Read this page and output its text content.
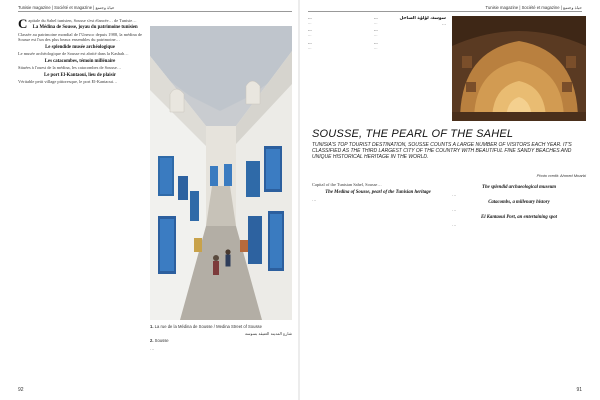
Tunisie magazine | Société et magazine | حياة وجتمع

Capitale du Sahel tunisien, Sousse s'est élancée… de Tunisie…

La Médina de Sousse, joyau du patrimoine tunisien

Classée au patrimoine mondial de l'Unesco depuis 1988, la médina de Sousse est l'un des plus beaux ensembles du patrimoine…

Le splendide musée archéologique

Le musée archéologique de Sousse est abrité dans la Kasbah…

Les catacombes, témoin millénaire

Situées à l'ouest de la médina, les catacombes de Sousse…

Le port El-Kantaoui, lieu de plaisir

Véritable petit village pittoresque, le port El-Kantaoui…

1. La rue de la Médina de Sousse / Medina Street of Sousse
شارع المدينة العتيقة بسوسة
2. Sousse

…

92
Tunisie magazine | Société et magazine | حياة وجتمع
…
…
…
…
…
…
…
…
…
…
…
…
سوسة، لؤلؤة الساحل
…
SOUSSE, THE PEARL OF THE SAHEL
TUNISIA'S TOP TOURIST DESTINATION, SOUSSE COUNTS A LARGE NUMBER OF VISITORS EACH YEAR. IT'S CLASSIFIED AS THE THIRD LARGEST CITY OF THE COUNTRY WITH BEAUTIFUL FINE SANDY BEACHES AND UNIQUE HISTORICAL HERITAGE IN THE WORLD.
Photo credit: Ahmed Mnarbi

Capital of the Tunisian Sahel, Sousse…

The Medina of Sousse, pearl of the Tunisian heritage

…

The splendid archaeological museum

…

Catacombs, a millenary history

…

El Kantaoui Port, an entertaining spot

…

91
